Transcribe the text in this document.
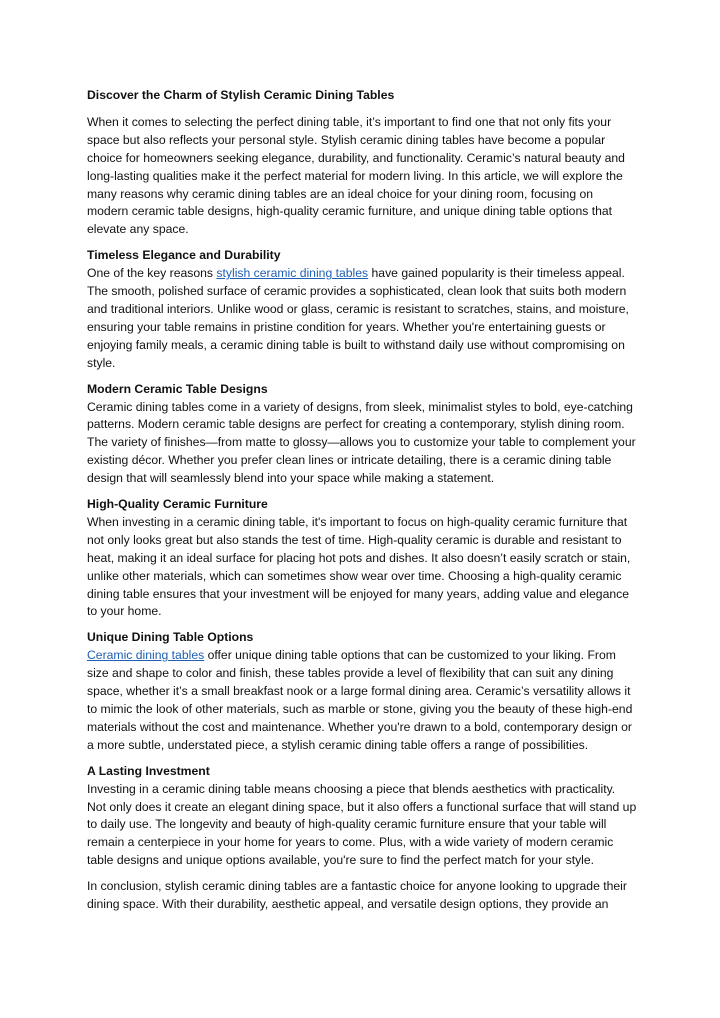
Discover the Charm of Stylish Ceramic Dining Tables

When it comes to selecting the perfect dining table, it’s important to find one that not only fits your space but also reflects your personal style. Stylish ceramic dining tables have become a popular choice for homeowners seeking elegance, durability, and functionality. Ceramic’s natural beauty and long-lasting qualities make it the perfect material for modern living. In this article, we will explore the many reasons why ceramic dining tables are an ideal choice for your dining room, focusing on modern ceramic table designs, high-quality ceramic furniture, and unique dining table options that elevate any space.

Timeless Elegance and Durability
One of the key reasons stylish ceramic dining tables have gained popularity is their timeless appeal. The smooth, polished surface of ceramic provides a sophisticated, clean look that suits both modern and traditional interiors. Unlike wood or glass, ceramic is resistant to scratches, stains, and moisture, ensuring your table remains in pristine condition for years. Whether you're entertaining guests or enjoying family meals, a ceramic dining table is built to withstand daily use without compromising on style.
Modern Ceramic Table Designs
Ceramic dining tables come in a variety of designs, from sleek, minimalist styles to bold, eye-catching patterns. Modern ceramic table designs are perfect for creating a contemporary, stylish dining room. The variety of finishes—from matte to glossy—allows you to customize your table to complement your existing décor. Whether you prefer clean lines or intricate detailing, there is a ceramic dining table design that will seamlessly blend into your space while making a statement.
High-Quality Ceramic Furniture
When investing in a ceramic dining table, it's important to focus on high-quality ceramic furniture that not only looks great but also stands the test of time. High-quality ceramic is durable and resistant to heat, making it an ideal surface for placing hot pots and dishes. It also doesn’t easily scratch or stain, unlike other materials, which can sometimes show wear over time. Choosing a high-quality ceramic dining table ensures that your investment will be enjoyed for many years, adding value and elegance to your home.
Unique Dining Table Options
Ceramic dining tables offer unique dining table options that can be customized to your liking. From size and shape to color and finish, these tables provide a level of flexibility that can suit any dining space, whether it’s a small breakfast nook or a large formal dining area. Ceramic’s versatility allows it to mimic the look of other materials, such as marble or stone, giving you the beauty of these high-end materials without the cost and maintenance. Whether you're drawn to a bold, contemporary design or a more subtle, understated piece, a stylish ceramic dining table offers a range of possibilities.
A Lasting Investment
Investing in a ceramic dining table means choosing a piece that blends aesthetics with practicality. Not only does it create an elegant dining space, but it also offers a functional surface that will stand up to daily use. The longevity and beauty of high-quality ceramic furniture ensure that your table will remain a centerpiece in your home for years to come. Plus, with a wide variety of modern ceramic table designs and unique options available, you're sure to find the perfect match for your style.

In conclusion, stylish ceramic dining tables are a fantastic choice for anyone looking to upgrade their dining space. With their durability, aesthetic appeal, and versatile design options, they provide an
